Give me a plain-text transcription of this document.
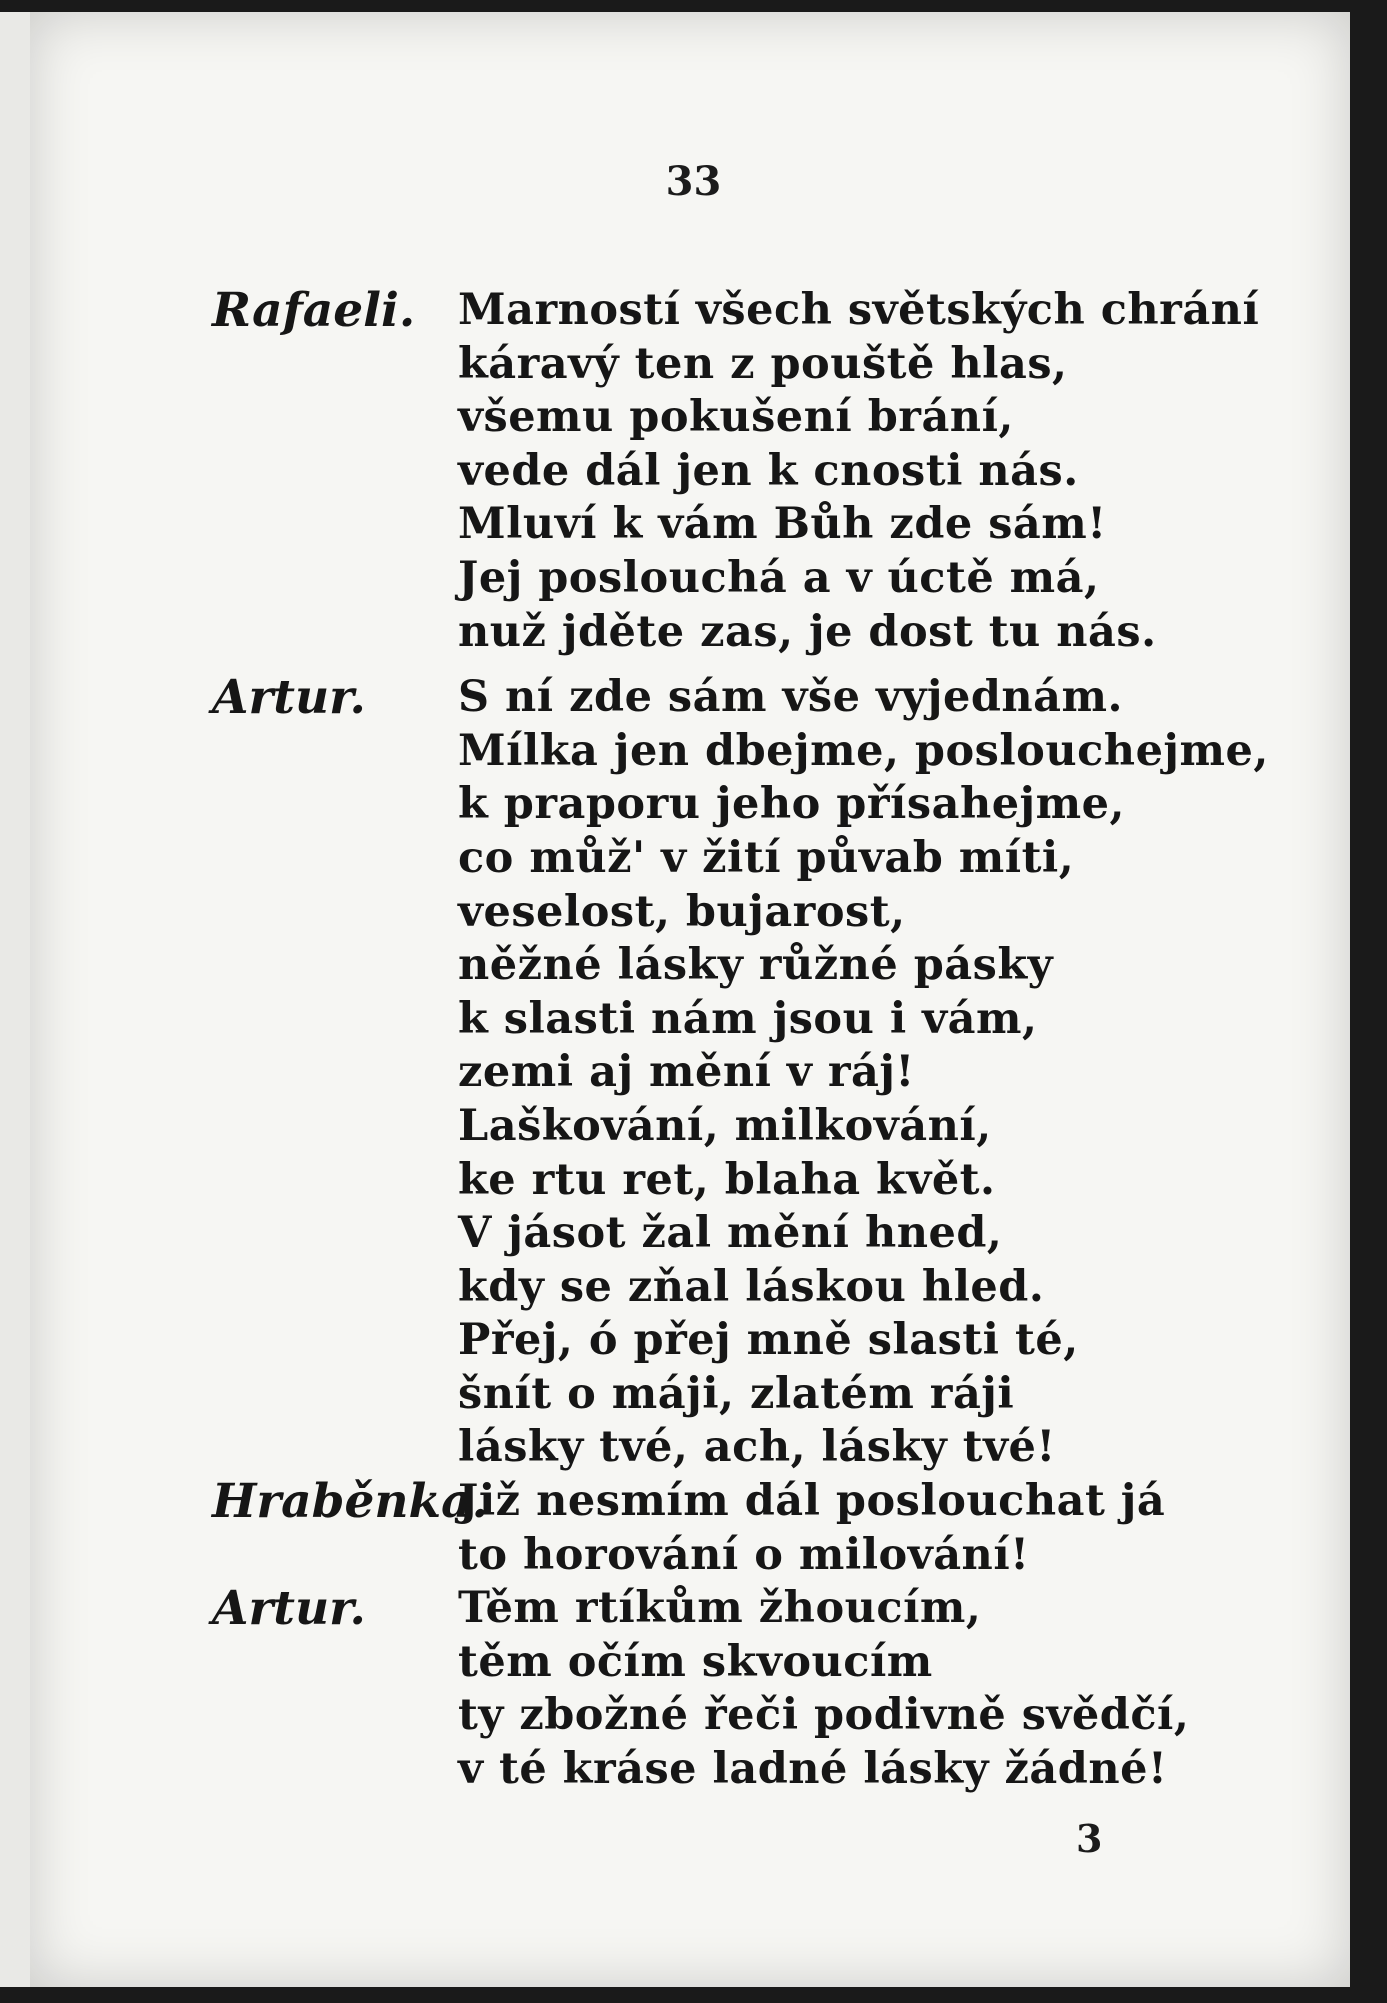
33
Rafaeli. Marností všech světských chrání
káravý ten z pouště hlas,
všemu pokušení brání,
vede dál jen k cnosti nás.
Mluví k vám Bůh zde sám!
Jej poslouchá a v úctě má,
nuž jděte zas, je dost tu nás.
Artur.	S ní zde sám vše vyjednám.
Mílka jen dbejme, poslouchejme,
k praporu jeho přísahejme,
co můž' v žití půvab míti,
veselost, bujarost,
něžné lásky růžné pásky
k slasti nám jsou i vám,
zemi aj mění v ráj!
Laškování, milkování,
ke rtu ret, blaha květ.
V jásot žal mění hned,
kdy se zňal láskou hled.
Přej, ó přej mně slasti té,
šnít o máji, zlatém ráji
lásky tvé, ach, lásky tvé!
Hraběnka.
Již nesmím dál poslouchat já
to horování o milování!
Artur.	Těm rtíkům žhoucím,
těm očím skvoucím
ty zbožné řeči podivně svědčí,
v té kráse ladné lásky žádné!
3
